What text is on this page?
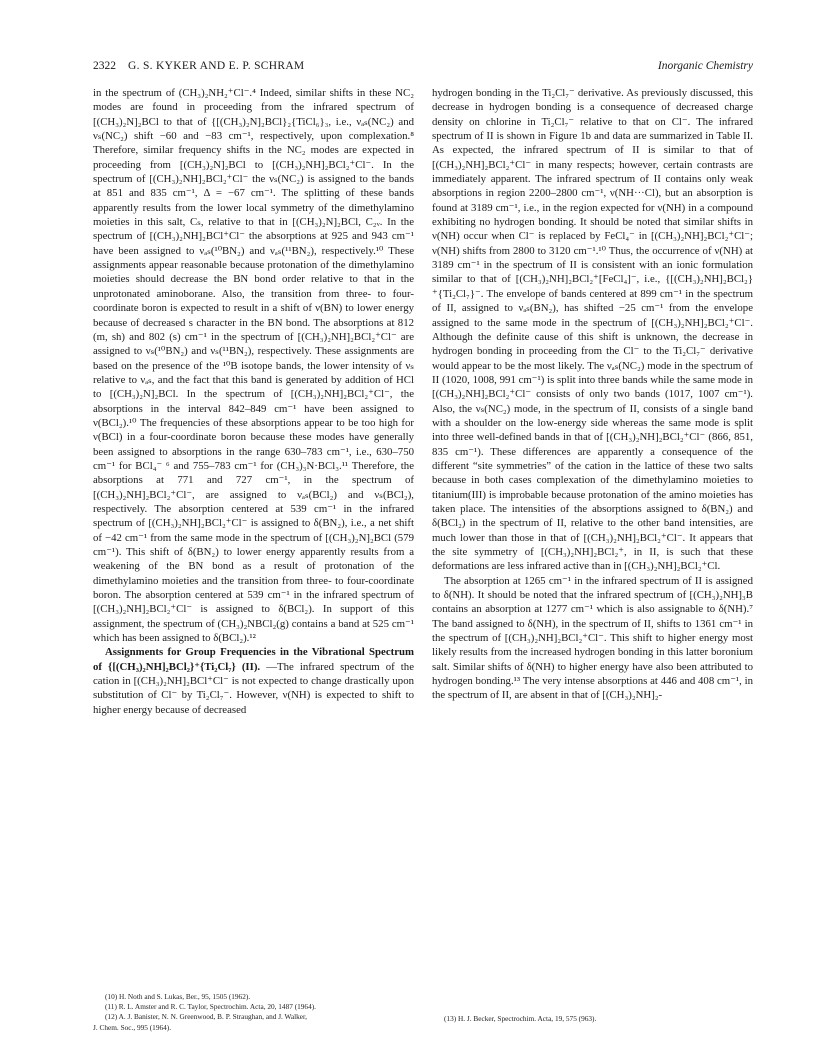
2322 G. S. KYKER AND E. P. SCHRAM	Inorganic Chemistry

in the spectrum of (CH₃)₂NH₂⁺Cl⁻.⁴ Indeed, similar shifts in these NC₂ modes are found in proceeding from the infrared spectrum of [(CH₃)₂N]₂BCl to that of {[(CH₃)₂N]₂BCl}₂{TiCl₆}₃, i.e., νₐₛ(NC₂) and νₛ(NC₂) shift −60 and −83 cm⁻¹, respectively, upon complexation.⁸ Therefore, similar frequency shifts in the NC₂ modes are expected in proceeding from [(CH₃)₂N]₂BCl to [(CH₃)₂NH]₂BCl₂⁺Cl⁻. In the spectrum of [(CH₃)₂NH]₂BCl₂⁺Cl⁻ the νₛ(NC₂) is assigned to the bands at 851 and 835 cm⁻¹, Δ = −67 cm⁻¹. The splitting of these bands apparently results from the lower local symmetry of the dimethylamino moieties in this salt, Cₛ, relative to that in [(CH₃)₂N]₂BCl, C₂ᵥ. In the spectrum of [(CH₃)₂NH]₂BCl⁺Cl⁻ the absorptions at 925 and 943 cm⁻¹ have been assigned to νₐₛ(¹⁰BN₂) and νₐₛ(¹¹BN₂), respectively.¹⁰ These assignments appear reasonable because protonation of the dimethylamino moieties should decrease the BN bond order relative to that in the unprotonated aminoborane. Also, the transition from three- to four-coordinate boron is expected to result in a shift of ν(BN) to lower energy because of decreased s character in the BN bond. The absorptions at 812 (m, sh) and 802 (s) cm⁻¹ in the spectrum of [(CH₃)₂NH]₂BCl₂⁺Cl⁻ are assigned to νₛ(¹⁰BN₂) and νₛ(¹¹BN₂), respectively. These assignments are based on the presence of the ¹⁰B isotope bands, the lower intensity of νₛ relative to νₐₛ, and the fact that this band is generated by addition of HCl to [(CH₃)₂N]₂BCl. In the spectrum of [(CH₃)₂NH]₂BCl₂⁺Cl⁻, the absorptions in the interval 842–849 cm⁻¹ have been assigned to ν(BCl₂).¹⁰ The frequencies of these absorptions appear to be too high for ν(BCl) in a four-coordinate boron because these modes have generally been assigned to absorptions in the range 630–783 cm⁻¹, i.e., 630–750 cm⁻¹ for BCl₄⁻ ⁶ and 755–783 cm⁻¹ for (CH₃)₃N·BCl₃.¹¹ Therefore, the absorptions at 771 and 727 cm⁻¹, in the spectrum of [(CH₃)₂NH]₂BCl₂⁺Cl⁻, are assigned to νₐₛ(BCl₂) and νₛ(BCl₂), respectively. The absorption centered at 539 cm⁻¹ in the infrared spectrum of [(CH₃)₂NH]₂BCl₂⁺Cl⁻ is assigned to δ(BN₂), i.e., a net shift of −42 cm⁻¹ from the same mode in the spectrum of [(CH₃)₂N]₂BCl (579 cm⁻¹). This shift of δ(BN₂) to lower energy apparently results from a weakening of the BN bond as a result of protonation of the dimethylamino moieties and the transition from three- to four-coordinate boron. The absorption centered at 539 cm⁻¹ in the infrared spectrum of [(CH₃)₂NH]₂BCl₂⁺Cl⁻ is assigned to δ(BCl₂). In support of this assignment, the spectrum of (CH₃)₂NBCl₂(g) contains a band at 525 cm⁻¹ which has been assigned to δ(BCl₂).¹²

Assignments for Group Frequencies in the Vibrational Spectrum of {[(CH₃)₂NH]₂BCl₂}⁺{Ti₂Cl₇} (II). —The infrared spectrum of the cation in [(CH₃)₂NH]₂BCl⁺Cl⁻ is not expected to change drastically upon substitution of Cl⁻ by Ti₂Cl₇⁻. However, ν(NH) is expected to shift to higher energy because of decreased

hydrogen bonding in the Ti₂Cl₇⁻ derivative. As previously discussed, this decrease in hydrogen bonding is a consequence of decreased charge density on chlorine in Ti₂Cl₇⁻ relative to that on Cl⁻. The infrared spectrum of II is shown in Figure 1b and data are summarized in Table II. As expected, the infrared spectrum of II is similar to that of [(CH₃)₂NH]₂BCl₂⁺Cl⁻ in many respects; however, certain contrasts are immediately apparent. The infrared spectrum of II contains only weak absorptions in region 2200–2800 cm⁻¹, ν(NH···Cl), but an absorption is found at 3189 cm⁻¹, i.e., in the region expected for ν(NH) in a compound exhibiting no hydrogen bonding. It should be noted that similar shifts in ν(NH) occur when Cl⁻ is replaced by FeCl₄⁻ in [(CH₃)₂NH]₂BCl₂⁺Cl⁻; ν(NH) shifts from 2800 to 3120 cm⁻¹.¹⁰ Thus, the occurrence of ν(NH) at 3189 cm⁻¹ in the spectrum of II is consistent with an ionic formulation similar to that of [(CH₃)₂NH]₂BCl₂⁺[FeCl₄]⁻, i.e., {[(CH₃)₂NH]₂BCl₂}⁺{Ti₂Cl₇}⁻. The envelope of bands centered at 899 cm⁻¹ in the spectrum of II, assigned to νₐₛ(BN₂), has shifted −25 cm⁻¹ from the envelope assigned to the same mode in the spectrum of [(CH₃)₂NH]₂BCl₂⁺Cl⁻. Although the definite cause of this shift is unknown, the decrease in hydrogen bonding in proceeding from the Cl⁻ to the Ti₂Cl₇⁻ derivative would appear to be the most likely. The νₐₛ(NC₂) mode in the spectrum of II (1020, 1008, 991 cm⁻¹) is split into three bands while the same mode in [(CH₃)₂NH]₂BCl₂⁺Cl⁻ consists of only two bands (1017, 1007 cm⁻¹). Also, the νₛ(NC₂) mode, in the spectrum of II, consists of a single band with a shoulder on the low-energy side whereas the same mode is split into three well-defined bands in that of [(CH₃)₂NH]₂BCl₂⁺Cl⁻ (866, 851, 835 cm⁻¹). These differences are apparently a consequence of the different “site symmetries” of the cation in the lattice of these two salts because in both cases complexation of the dimethylamino moieties to titanium(III) is improbable because protonation of the amino moieties has taken place. The intensities of the absorptions assigned to δ(BN₂) and δ(BCl₂) in the spectrum of II, relative to the other band intensities, are much lower than those in that of [(CH₃)₂NH]₂BCl₂⁺Cl⁻. It appears that the site symmetry of [(CH₃)₂NH]₂BCl₂⁺, in II, is such that these deformations are less infrared active than in [(CH₃)₂NH]₂BCl₂⁺Cl.

The absorption at 1265 cm⁻¹ in the infrared spectrum of II is assigned to δ(NH). It should be noted that the infrared spectrum of [(CH₃)₂NH]₃B contains an absorption at 1277 cm⁻¹ which is also assignable to δ(NH).⁷ The band assigned to δ(NH), in the spectrum of II, shifts to 1361 cm⁻¹ in the spectrum of [(CH₃)₂NH]₂BCl₂⁺Cl⁻. This shift to higher energy most likely results from the increased hydrogen bonding in this latter boronium salt. Similar shifts of δ(NH) to higher energy have also been attributed to hydrogen bonding.¹³ The very intense absorptions at 446 and 408 cm⁻¹, in the spectrum of II, are absent in that of [(CH₃)₂NH]₂-

(10) H. Noth and S. Lukas, Ber., 95, 1505 (1962).

(11) R. L. Amster and R. C. Taylor, Spectrochim. Acta, 20, 1487 (1964).

(12) A. J. Banister, N. N. Greenwood, B. P. Straughan, and J. Walker,

J. Chem. Soc., 995 (1964).

(13) H. J. Becker, Spectrochim. Acta, 19, 575 (963).
